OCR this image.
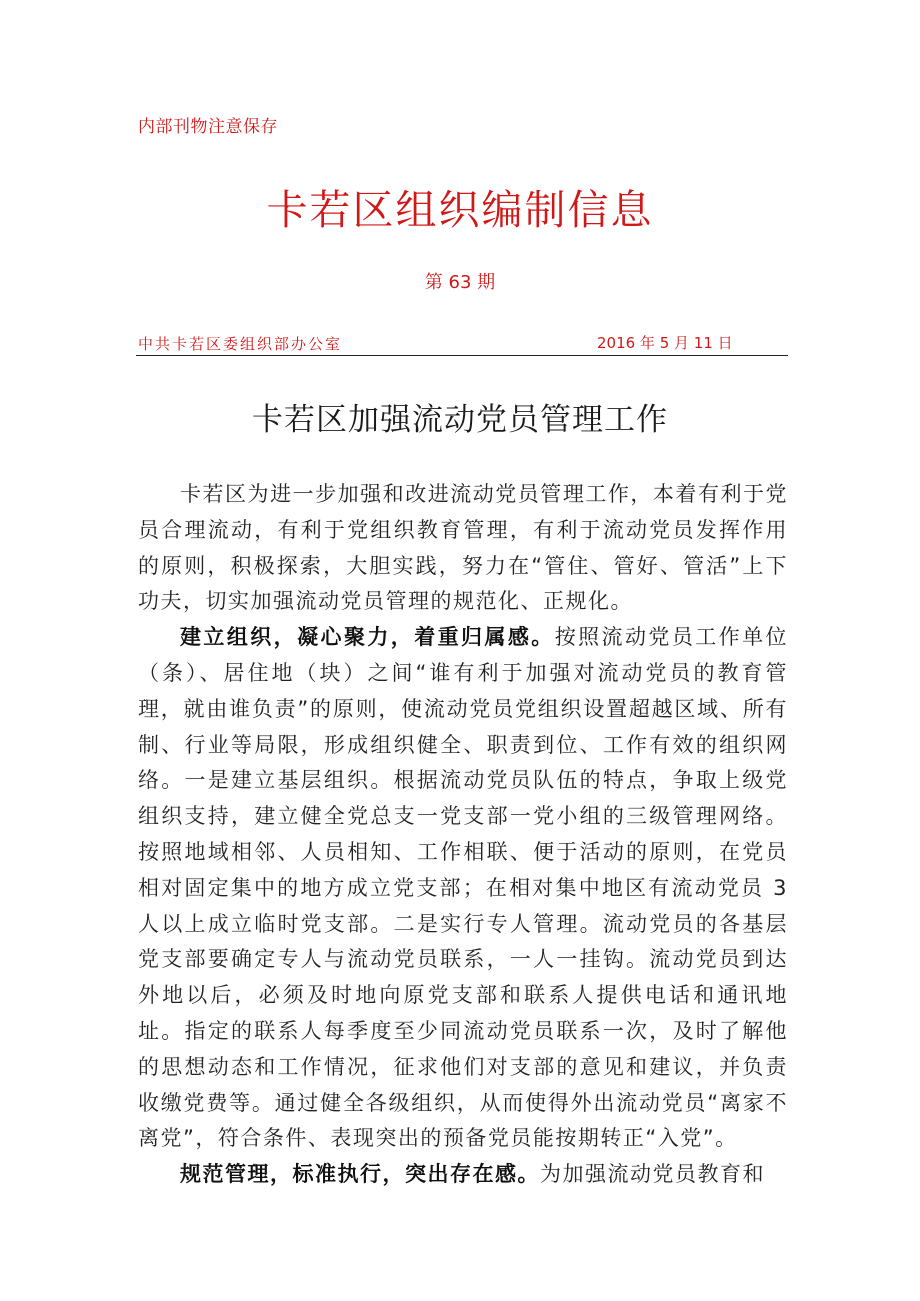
内部刊物注意保存
卡若区组织编制信息
第 63 期
中共卡若区委组织部办公室	2016 年 5 月 11 日
卡若区加强流动党员管理工作

卡若区为进一步加强和改进流动党员管理工作，本着有利于党员合理流动，有利于党组织教育管理，有利于流动党员发挥作用的原则，积极探索，大胆实践，努力在“管住、管好、管活”上下功夫，切实加强流动党员管理的规范化、正规化。

建立组织，凝心聚力，着重归属感。按照流动党员工作单位（条）、居住地（块）之间“谁有利于加强对流动党员的教育管理，就由谁负责”的原则，使流动党员党组织设置超越区域、所有制、行业等局限，形成组织健全、职责到位、工作有效的组织网络。一是建立基层组织。根据流动党员队伍的特点，争取上级党组织支持，建立健全党总支一党支部一党小组的三级管理网络。按照地域相邻、人员相知、工作相联、便于活动的原则，在党员相对固定集中的地方成立党支部；在相对集中地区有流动党员 3 人以上成立临时党支部。二是实行专人管理。流动党员的各基层党支部要确定专人与流动党员联系，一人一挂钩。流动党员到达外地以后，必须及时地向原党支部和联系人提供电话和通讯地址。指定的联系人每季度至少同流动党员联系一次，及时了解他的思想动态和工作情况，征求他们对支部的意见和建议，并负责收缴党费等。通过健全各级组织，从而使得外出流动党员“离家不离党”，符合条件、表现突出的预备党员能按期转正“入党”。

规范管理，标准执行，突出存在感。为加强流动党员教育和
